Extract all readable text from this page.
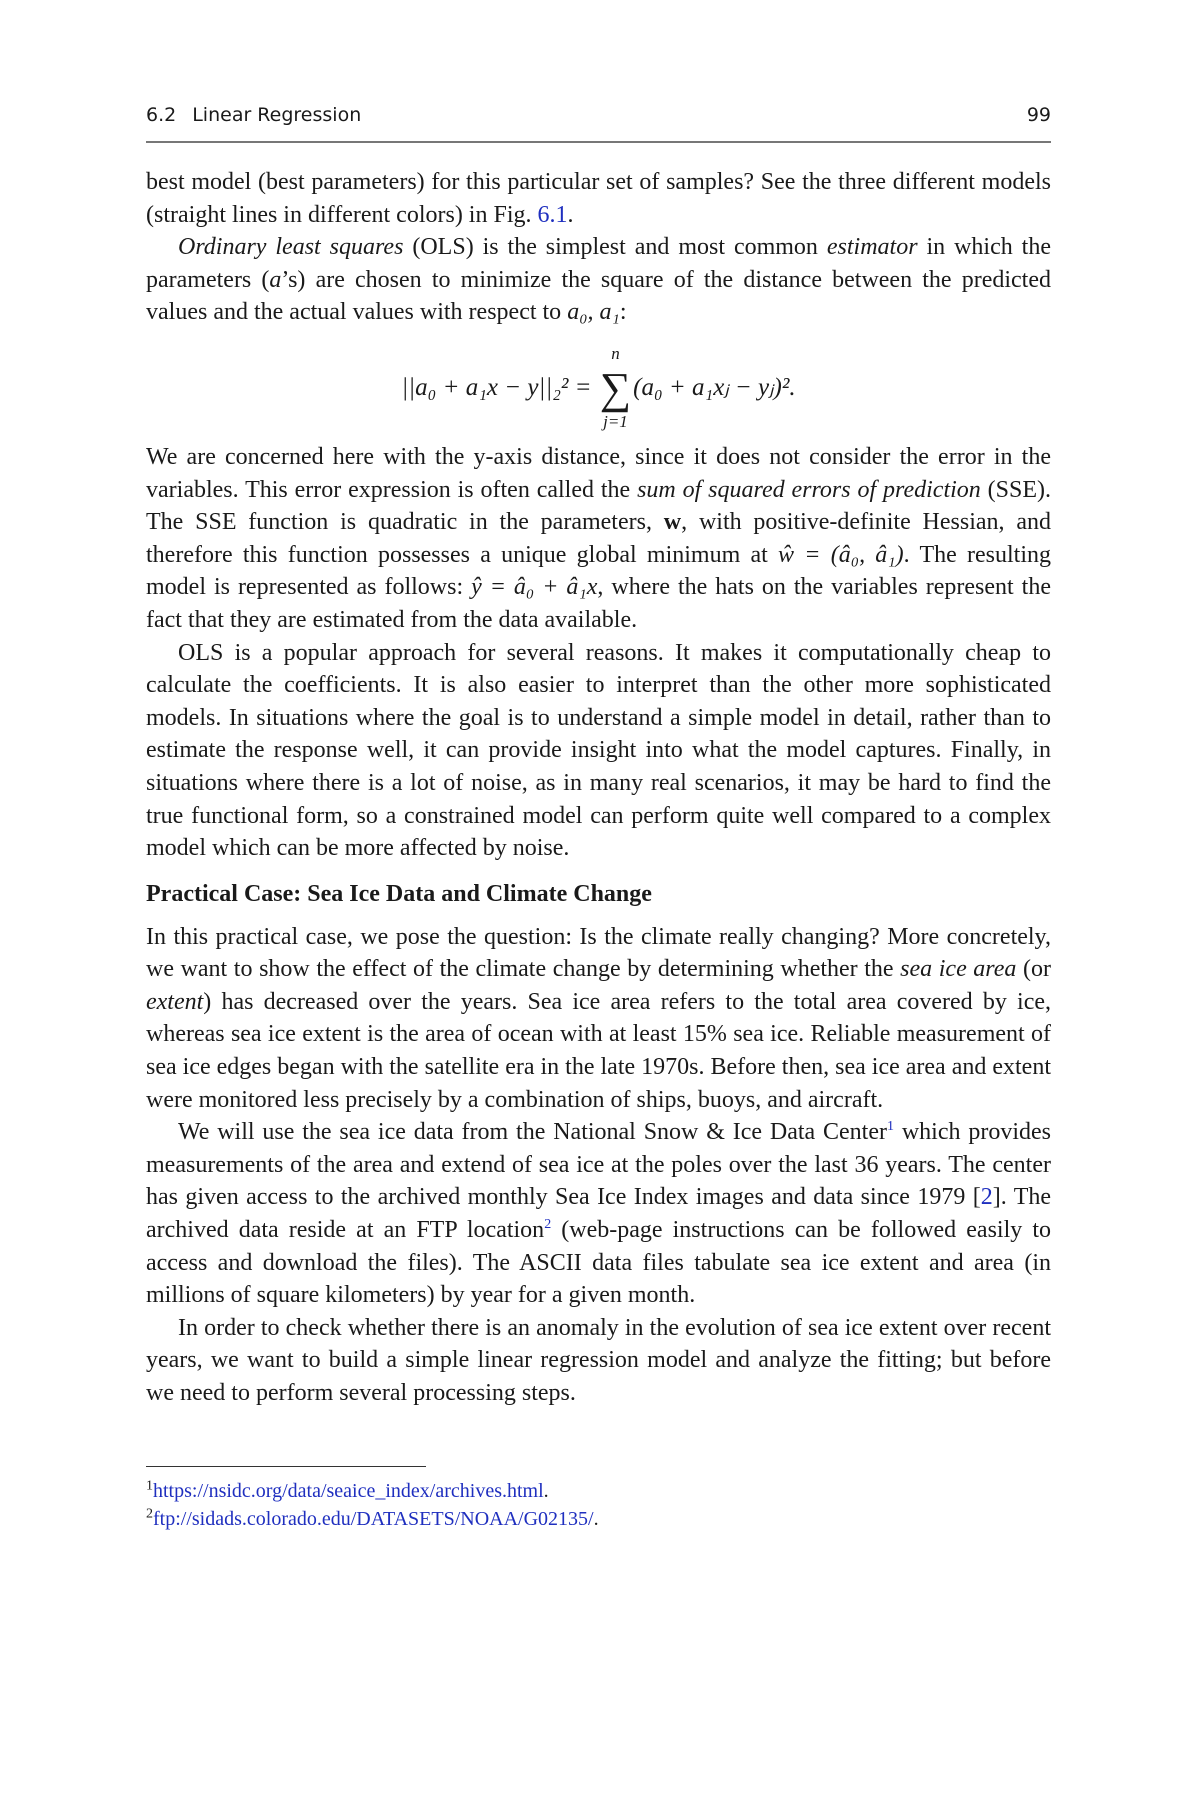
6.2 Linear Regression	99

best model (best parameters) for this particular set of samples? See the three different models (straight lines in different colors) in Fig. 6.1.

Ordinary least squares (OLS) is the simplest and most common estimator in which the parameters (a’s) are chosen to minimize the square of the distance between the predicted values and the actual values with respect to a₀, a₁:

||a₀ + a₁x − y||₂² =
n
∑
j=1
(a₀ + a₁xⱼ − yⱼ)².

We are concerned here with the y-axis distance, since it does not consider the error in the variables. This error expression is often called the sum of squared errors of prediction (SSE). The SSE function is quadratic in the parameters, w, with positive-definite Hessian, and therefore this function possesses a unique global minimum at ŵ = (â₀, â₁). The resulting model is represented as follows: ŷ = â₀ + â₁x, where the hats on the variables represent the fact that they are estimated from the data available.

OLS is a popular approach for several reasons. It makes it computationally cheap to calculate the coefficients. It is also easier to interpret than the other more sophisticated models. In situations where the goal is to understand a simple model in detail, rather than to estimate the response well, it can provide insight into what the model captures. Finally, in situations where there is a lot of noise, as in many real scenarios, it may be hard to find the true functional form, so a constrained model can perform quite well compared to a complex model which can be more affected by noise.

Practical Case: Sea Ice Data and Climate Change

In this practical case, we pose the question: Is the climate really changing? More concretely, we want to show the effect of the climate change by determining whether the sea ice area (or extent) has decreased over the years. Sea ice area refers to the total area covered by ice, whereas sea ice extent is the area of ocean with at least 15% sea ice. Reliable measurement of sea ice edges began with the satellite era in the late 1970s. Before then, sea ice area and extent were monitored less precisely by a combination of ships, buoys, and aircraft.

We will use the sea ice data from the National Snow & Ice Data Center$^1$ which provides measurements of the area and extend of sea ice at the poles over the last 36 years. The center has given access to the archived monthly Sea Ice Index images and data since 1979 [2]. The archived data reside at an FTP location$^2$ (web-page instructions can be followed easily to access and download the files). The ASCII data files tabulate sea ice extent and area (in millions of square kilometers) by year for a given month.

In order to check whether there is an anomaly in the evolution of sea ice extent over recent years, we want to build a simple linear regression model and analyze the fitting; but before we need to perform several processing steps.

$^1$https://nsidc.org/data/seaice_index/archives.html.
$^2$ftp://sidads.colorado.edu/DATASETS/NOAA/G02135/.
